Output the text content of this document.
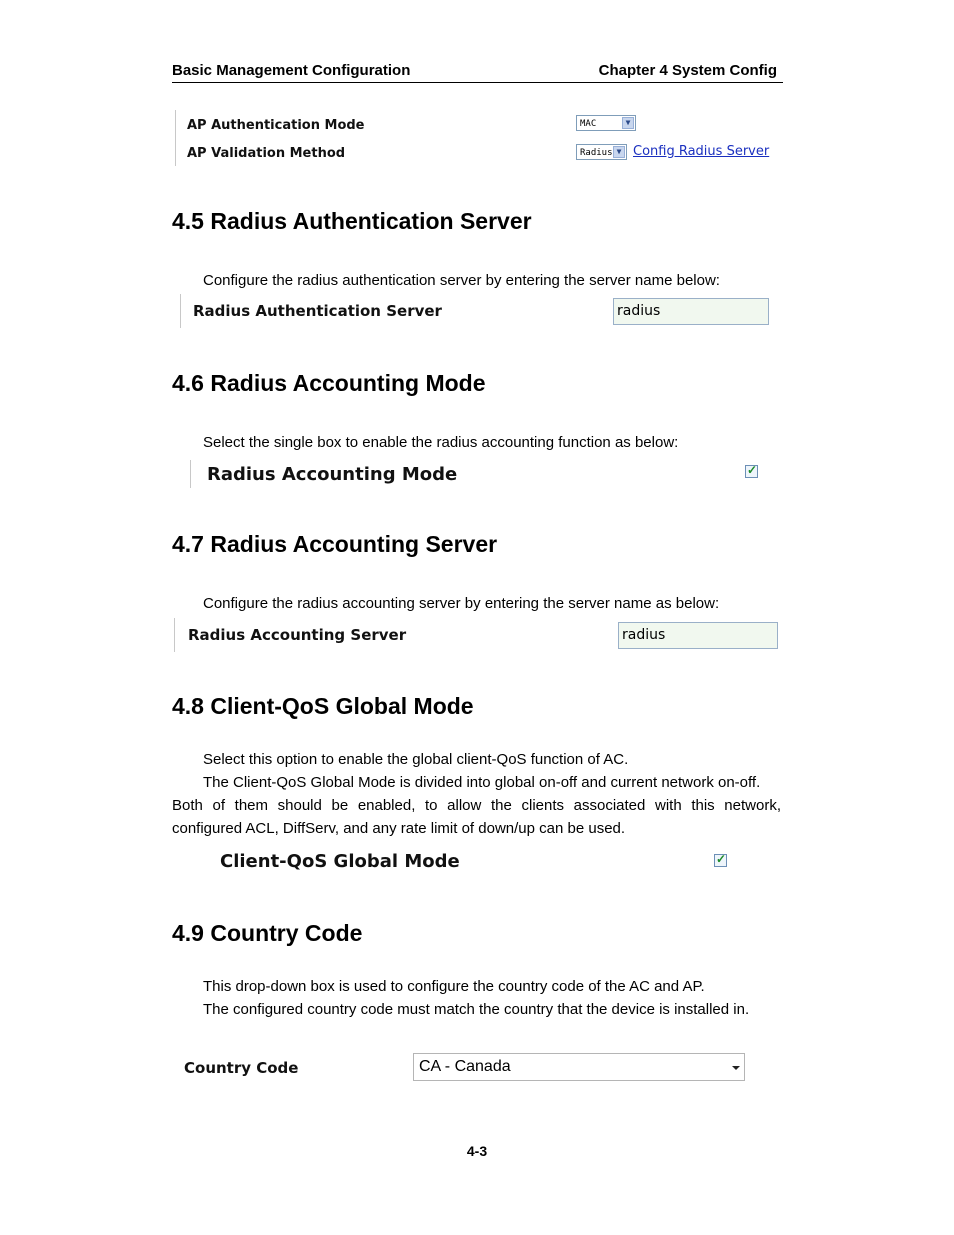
Basic Management Configuration	Chapter 4 System Config
AP Authentication Mode	MAC	▼
AP Validation Method	Radius ▼ Config Radius Server
4.5 Radius Authentication Server
Configure the radius authentication server by entering the server name below:
Radius Authentication Server	radius
4.6 Radius Accounting Mode
Select the single box to enable the radius accounting function as below:
Radius Accounting Mode	✓
4.7 Radius Accounting Server
Configure the radius accounting server by entering the server name as below:
Radius Accounting Server	radius
4.8 Client-QoS Global Mode
Select this option to enable the global client-QoS function of AC.
The Client-QoS Global Mode is divided into global on-off and current network on-off.
Both of them should be enabled, to allow the clients associated with this network,
configured ACL, DiffServ, and any rate limit of down/up can be used.
Client-QoS Global Mode	✓
4.9 Country Code
This drop-down box is used to configure the country code of the AC and AP.
The configured country code must match the country that the device is installed in.
Country Code	CA - Canada
4-3
